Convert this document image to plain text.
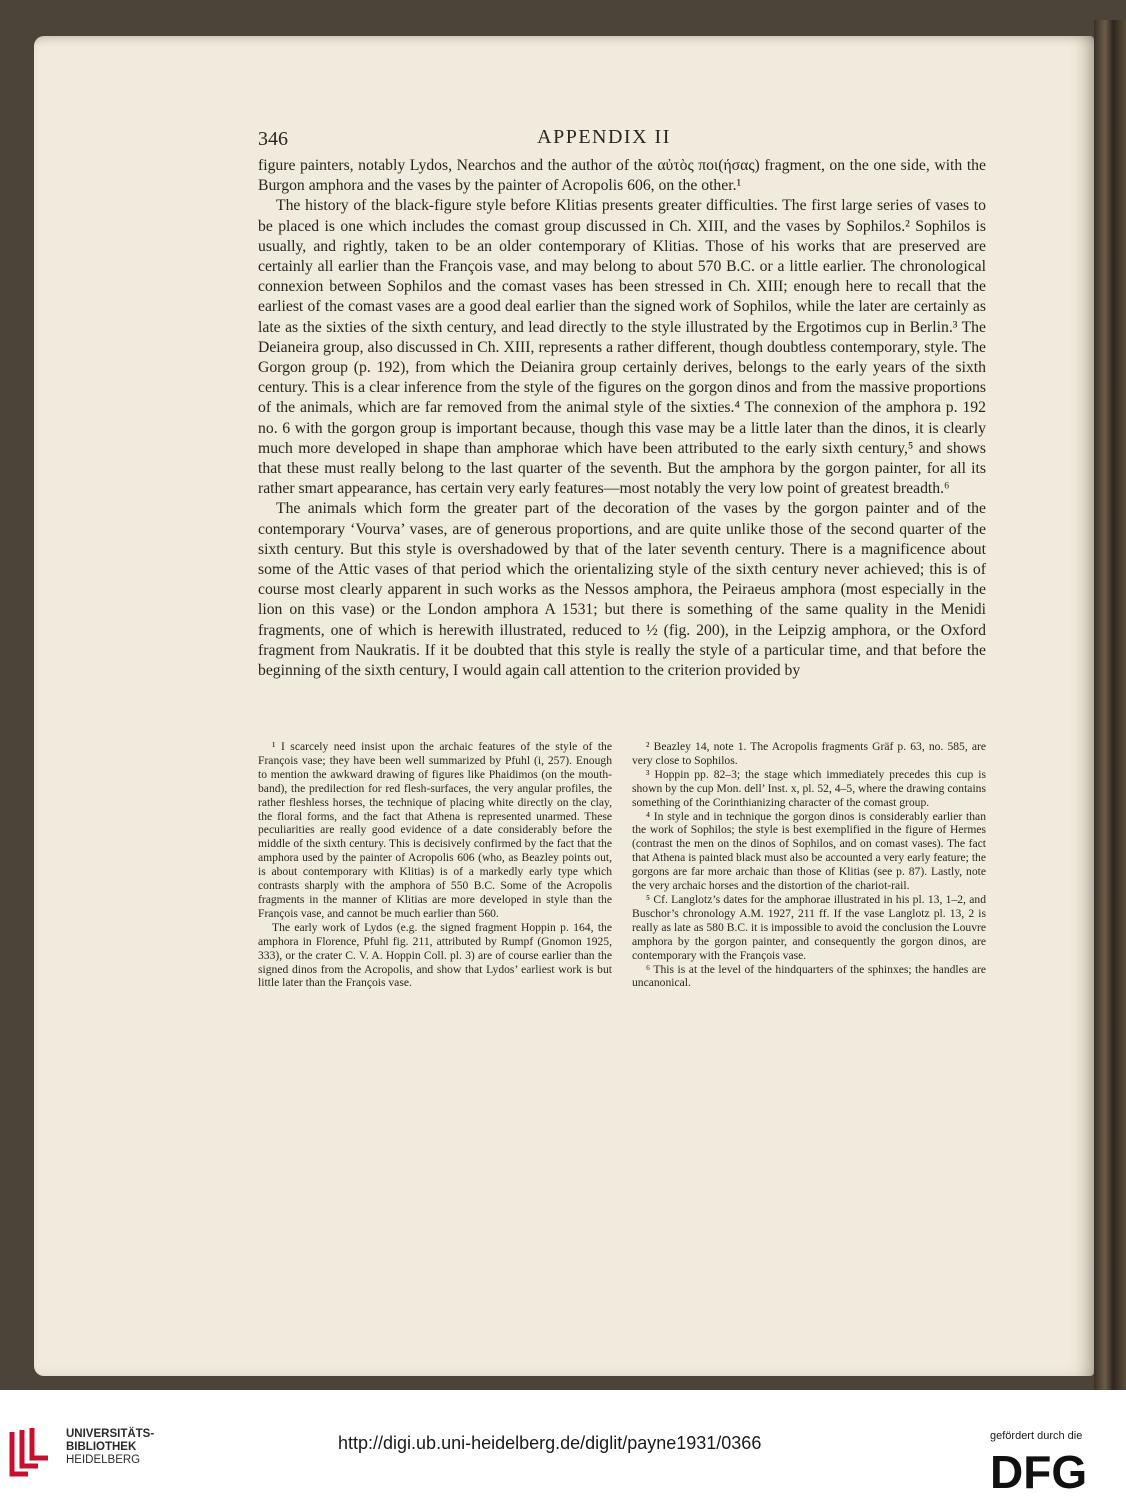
346	APPENDIX II

figure painters, notably Lydos, Nearchos and the author of the αὐτὸς ποι(ήσας) fragment, on the one side, with the Burgon amphora and the vases by the painter of Acropolis 606, on the other.¹

The history of the black-figure style before Klitias presents greater difficulties. The first large series of vases to be placed is one which includes the comast group discussed in Ch. XIII, and the vases by Sophilos.² Sophilos is usually, and rightly, taken to be an older contemporary of Klitias. Those of his works that are preserved are certainly all earlier than the François vase, and may belong to about 570 B.C. or a little earlier. The chronological connexion between Sophilos and the comast vases has been stressed in Ch. XIII; enough here to recall that the earliest of the comast vases are a good deal earlier than the signed work of Sophilos, while the later are certainly as late as the sixties of the sixth century, and lead directly to the style illustrated by the Ergotimos cup in Berlin.³ The Deianeira group, also discussed in Ch. XIII, represents a rather different, though doubtless contemporary, style. The Gorgon group (p. 192), from which the Deianira group certainly derives, belongs to the early years of the sixth century. This is a clear inference from the style of the figures on the gorgon dinos and from the massive proportions of the animals, which are far removed from the animal style of the sixties.⁴ The connexion of the amphora p. 192 no. 6 with the gorgon group is important because, though this vase may be a little later than the dinos, it is clearly much more developed in shape than amphorae which have been attributed to the early sixth century,⁵ and shows that these must really belong to the last quarter of the seventh. But the amphora by the gorgon painter, for all its rather smart appearance, has certain very early features—most notably the very low point of greatest breadth.⁶

The animals which form the greater part of the decoration of the vases by the gorgon painter and of the contemporary ‘Vourva’ vases, are of generous proportions, and are quite unlike those of the second quarter of the sixth century. But this style is overshadowed by that of the later seventh century. There is a magnificence about some of the Attic vases of that period which the orientalizing style of the sixth century never achieved; this is of course most clearly apparent in such works as the Nessos amphora, the Peiraeus amphora (most especially in the lion on this vase) or the London amphora A 1531; but there is something of the same quality in the Menidi fragments, one of which is herewith illustrated, reduced to ½ (fig. 200), in the Leipzig amphora, or the Oxford fragment from Naukratis. If it be doubted that this style is really the style of a particular time, and that before the beginning of the sixth century, I would again call attention to the criterion provided by

¹ I scarcely need insist upon the archaic features of the style of the François vase; they have been well summarized by Pfuhl (i, 257). Enough to mention the awkward drawing of figures like Phaidimos (on the mouth-band), the predilection for red flesh-surfaces, the very angular profiles, the rather fleshless horses, the technique of placing white directly on the clay, the floral forms, and the fact that Athena is represented unarmed. These peculiarities are really good evidence of a date considerably before the middle of the sixth century. This is decisively confirmed by the fact that the amphora used by the painter of Acropolis 606 (who, as Beazley points out, is about contemporary with Klitias) is of a markedly early type which contrasts sharply with the amphora of 550 B.C. Some of the Acropolis fragments in the manner of Klitias are more developed in style than the François vase, and cannot be much earlier than 560.

The early work of Lydos (e.g. the signed fragment Hoppin p. 164, the amphora in Florence, Pfuhl fig. 211, attributed by Rumpf (Gnomon 1925, 333), or the crater C. V. A. Hoppin Coll. pl. 3) are of course earlier than the signed dinos from the Acropolis, and show that Lydos’ earliest work is but little later than the François vase.

² Beazley 14, note 1. The Acropolis fragments Gräf p. 63, no. 585, are very close to Sophilos.

³ Hoppin pp. 82–3; the stage which immediately precedes this cup is shown by the cup Mon. dell’ Inst. x, pl. 52, 4–5, where the drawing contains something of the Corinthianizing character of the comast group.

⁴ In style and in technique the gorgon dinos is considerably earlier than the work of Sophilos; the style is best exemplified in the figure of Hermes (contrast the men on the dinos of Sophilos, and on comast vases). The fact that Athena is painted black must also be accounted a very early feature; the gorgons are far more archaic than those of Klitias (see p. 87). Lastly, note the very archaic horses and the distortion of the chariot-rail.

⁵ Cf. Langlotz’s dates for the amphorae illustrated in his pl. 13, 1–2, and Buschor’s chronology A.M. 1927, 211 ff. If the vase Langlotz pl. 13, 2 is really as late as 580 B.C. it is impossible to avoid the conclusion the Louvre amphora by the gorgon painter, and consequently the gorgon dinos, are contemporary with the François vase.

⁶ This is at the level of the hindquarters of the sphinxes; the handles are uncanonical.

UNIVERSITÄTS-
BIBLIOTHEK
HEIDELBERG
http://digi.ub.uni-heidelberg.de/diglit/payne1931/0366	gefördert durch die
DFG
